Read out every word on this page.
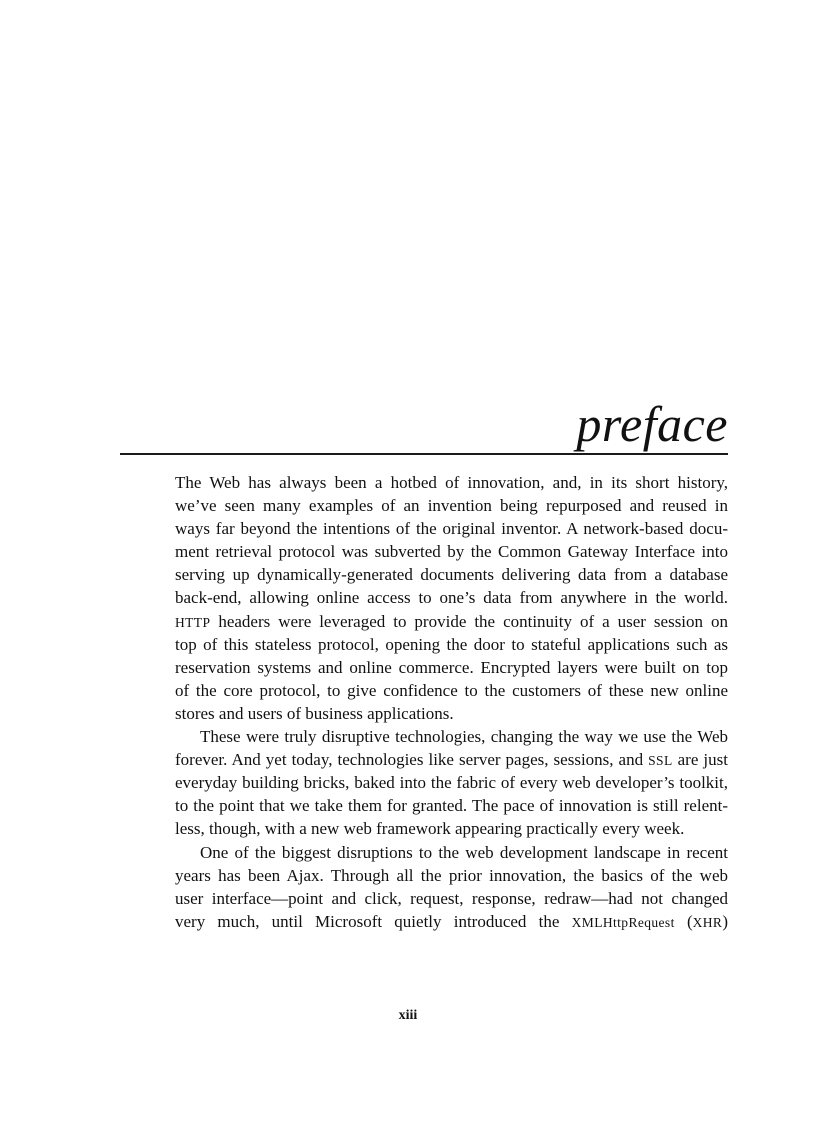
preface
The Web has always been a hotbed of innovation, and, in its short history,
we’ve seen many examples of an invention being repurposed and reused in
ways far beyond the intentions of the original inventor. A network-based docu-
ment retrieval protocol was subverted by the Common Gateway Interface into
serving up dynamically-generated documents delivering data from a database
back-end, allowing online access to one’s data from anywhere in the world.
HTTP headers were leveraged to provide the continuity of a user session on
top of this stateless protocol, opening the door to stateful applications such as
reservation systems and online commerce. Encrypted layers were built on top
of the core protocol, to give confidence to the customers of these new online
stores and users of business applications.
These were truly disruptive technologies, changing the way we use the Web
forever. And yet today, technologies like server pages, sessions, and SSL are just
everyday building bricks, baked into the fabric of every web developer’s toolkit,
to the point that we take them for granted. The pace of innovation is still relent-
less, though, with a new web framework appearing practically every week.
One of the biggest disruptions to the web development landscape in recent
years has been Ajax. Through all the prior innovation, the basics of the web
user interface—point and click, request, response, redraw—had not changed
very much, until Microsoft quietly introduced the XMLHttpRequest (XHR)
xiii
